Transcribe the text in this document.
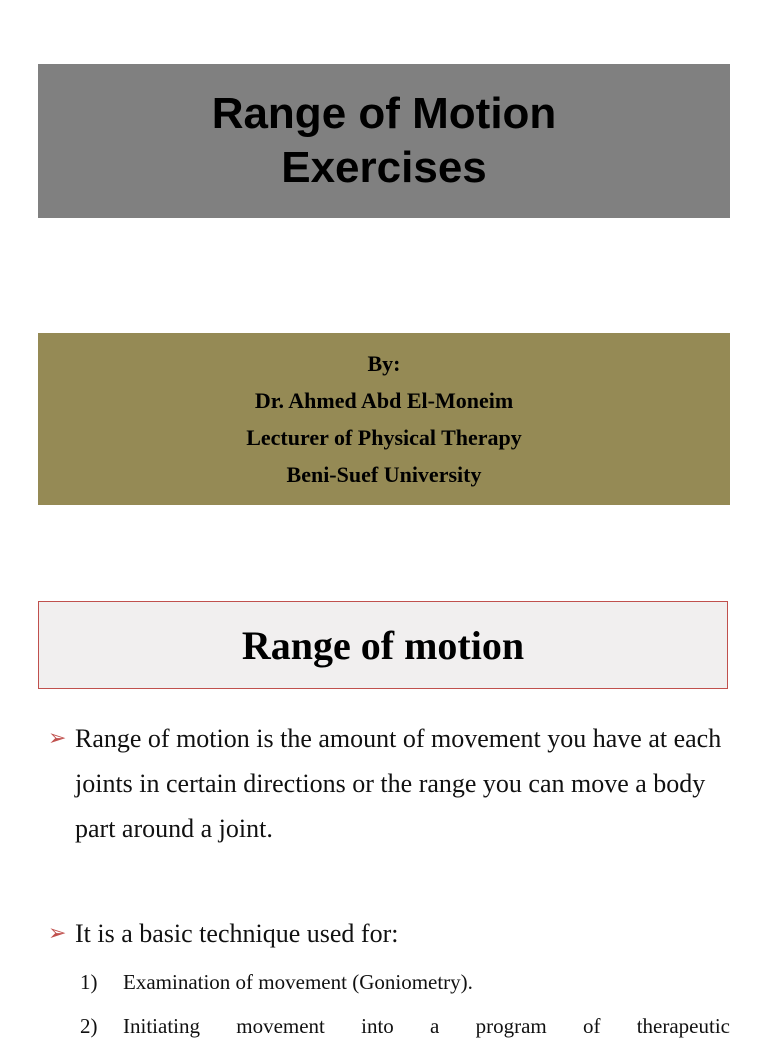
Range of Motion
Exercises
By:
Dr. Ahmed Abd El-Moneim
Lecturer of Physical Therapy
Beni-Suef University
Range of motion
➢ Range of motion is the amount of movement you have at each joints in certain directions or the range you can move a body part around a joint.
➢ It is a basic technique used for:
1) Examination of movement (Goniometry).
2) Initiating movement into a program of therapeutic
